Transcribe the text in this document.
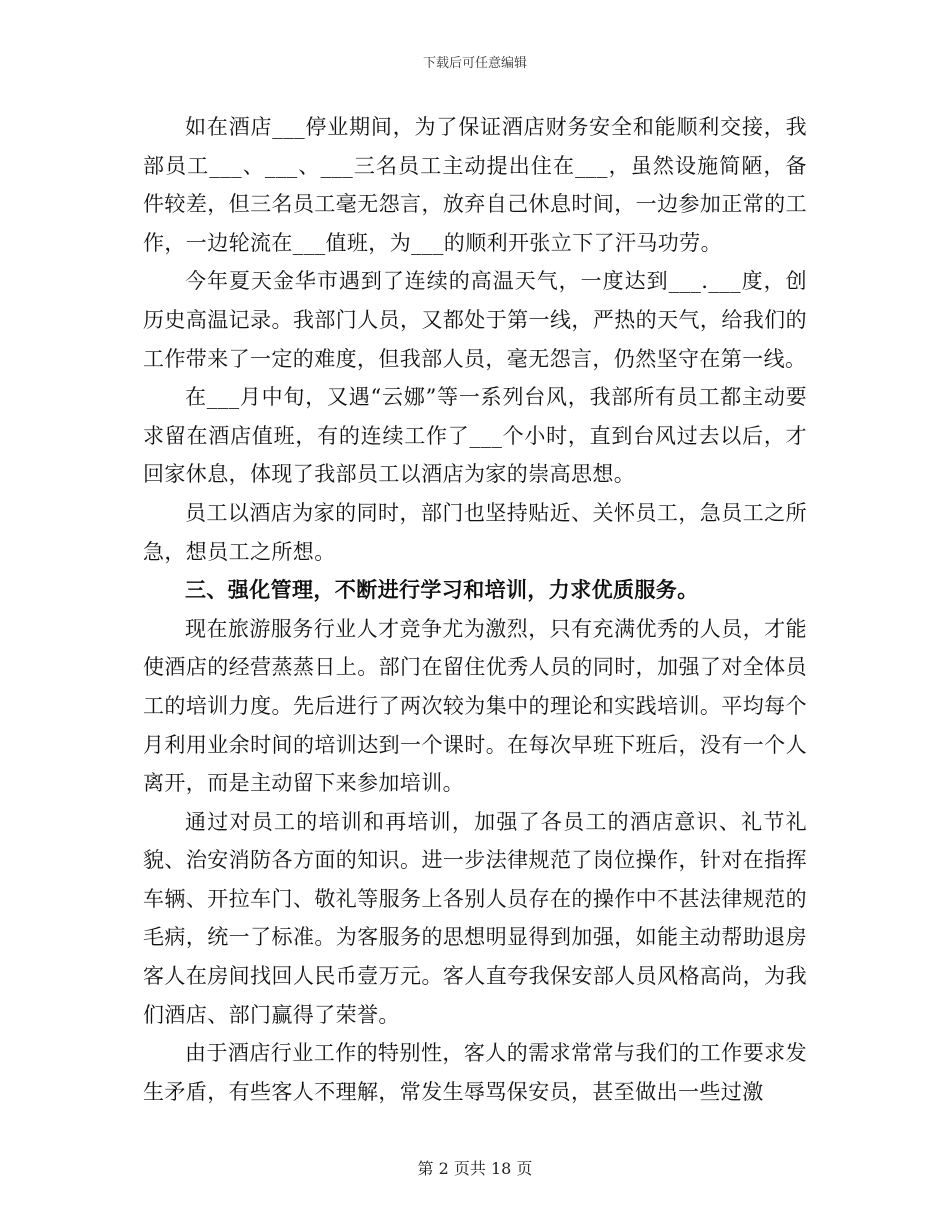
下载后可任意编辑

如在酒店___停业期间，为了保证酒店财务安全和能顺利交接，我部员工___、___、___三名员工主动提出住在___，虽然设施简陋，备件较差，但三名员工毫无怨言，放弃自己休息时间，一边参加正常的工作，一边轮流在___值班，为___的顺利开张立下了汗马功劳。

今年夏天金华市遇到了连续的高温天气，一度达到___.___度，创历史高温记录。我部门人员，又都处于第一线，严热的天气，给我们的工作带来了一定的难度，但我部人员，毫无怨言，仍然坚守在第一线。

在___月中旬，又遇“云娜”等一系列台风，我部所有员工都主动要求留在酒店值班，有的连续工作了___个小时，直到台风过去以后，才回家休息，体现了我部员工以酒店为家的崇高思想。

员工以酒店为家的同时，部门也坚持贴近、关怀员工，急员工之所急，想员工之所想。

三、强化管理，不断进行学习和培训，力求优质服务。

现在旅游服务行业人才竞争尤为激烈，只有充满优秀的人员，才能使酒店的经营蒸蒸日上。部门在留住优秀人员的同时，加强了对全体员工的培训力度。先后进行了两次较为集中的理论和实践培训。平均每个月利用业余时间的培训达到一个课时。在每次早班下班后，没有一个人离开，而是主动留下来参加培训。

通过对员工的培训和再培训，加强了各员工的酒店意识、礼节礼貌、治安消防各方面的知识。进一步法律规范了岗位操作，针对在指挥车辆、开拉车门、敬礼等服务上各别人员存在的操作中不甚法律规范的毛病，统一了标准。为客服务的思想明显得到加强，如能主动帮助退房客人在房间找回人民币壹万元。客人直夸我保安部人员风格高尚，为我们酒店、部门赢得了荣誉。

由于酒店行业工作的特别性，客人的需求常常与我们的工作要求发生矛盾，有些客人不理解，常发生辱骂保安员，甚至做出一些过激

第 2 页共 18 页
